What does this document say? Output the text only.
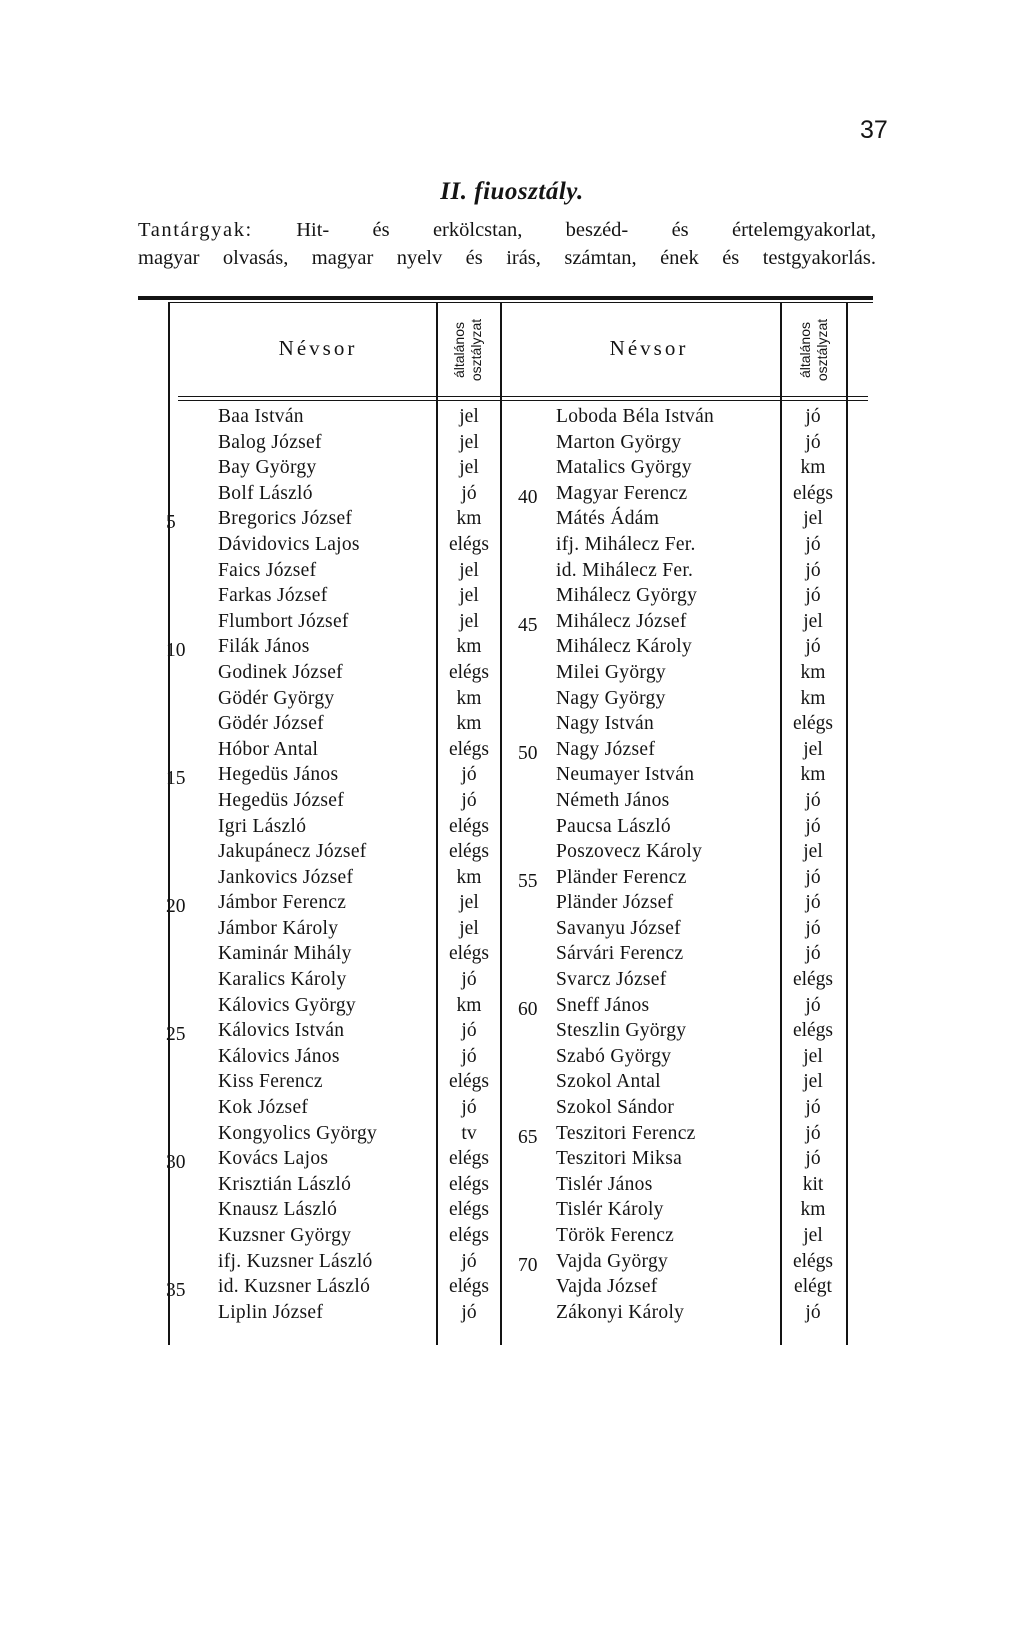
37
II. fiuosztály.

Tantárgyak: Hit- és erkölcstan, beszéd- és értelemgyakorlat,

magyar olvasás, magyar nyelv és irás, számtan, ének és testgyakorlás.

Névsor	általános osztályzat	Névsor	általános osztályzat
Baa István	jel	Loboda Béla István	jó
Balog József	jel	Marton György	jó
Bay György	jel	Matalics György	km
Bolf László	jó	40 Magyar Ferencz	elégs
5	Bregorics József	km	Mátés Ádám	jel
Dávidovics Lajos	elégs	ifj. Mihálecz Fer.	jó
Faics József	jel	id. Mihálecz Fer.	jó
Farkas József	jel	Mihálecz György	jó
Flumbort József	jel	45 Mihálecz József	jel
10	Filák János	km	Mihálecz Károly	jó
Godinek József	elégs	Milei György	km
Gödér György	km	Nagy György	km
Gödér József	km	Nagy István	elégs
Hóbor Antal	elégs	50 Nagy József	jel
15	Hegedüs János	jó	Neumayer István	km
Hegedüs József	jó	Németh János	jó
Igri László	elégs	Paucsa László	jó
Jakupánecz József	elégs	Poszovecz Károly	jel
Jankovics József	km	55 Pländer Ferencz	jó
20	Jámbor Ferencz	jel	Pländer József	jó
Jámbor Károly	jel	Savanyu József	jó
Kaminár Mihály	elégs	Sárvári Ferencz	jó
Karalics Károly	jó	Svarcz József	elégs
Kálovics György	km	60 Sneff János	jó
25	Kálovics István	jó	Steszlin György	elégs
Kálovics János	jó	Szabó György	jel
Kiss Ferencz	elégs	Szokol Antal	jel
Kok József	jó	Szokol Sándor	jó
Kongyolics György	tv	65 Teszitori Ferencz	jó
30	Kovács Lajos	elégs	Teszitori Miksa	jó
Krisztián László	elégs	Tislér János	kit
Knausz László	elégs	Tislér Károly	km
Kuzsner György	elégs	Török Ferencz	jel
ifj. Kuzsner László	jó	70 Vajda György	elégs
35	id. Kuzsner László	elégs	Vajda József	elégt
Liplin József	jó	Zákonyi Károly	jó
